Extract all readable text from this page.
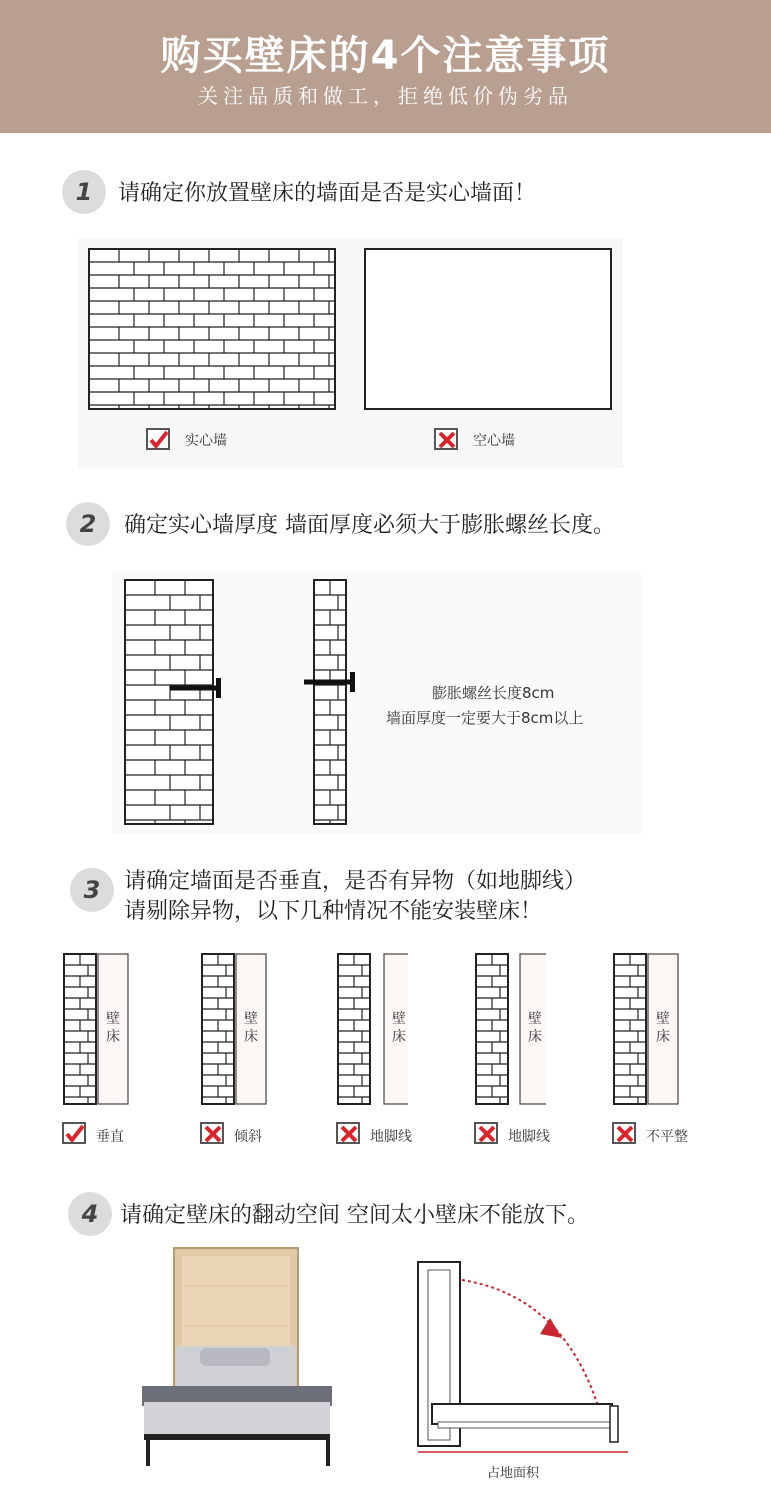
购买壁床的4个注意事项
关注品质和做工，拒绝低价伪劣品
1	请确定你放置壁床的墙面是否是实心墙面！
实心墙	空心墙
2	确定实心墙厚度 墙面厚度必须大于膨胀螺丝长度。
膨胀螺丝长度8cm
墙面厚度一定要大于8cm以上
3	请确定墙面是否垂直，是否有异物（如地脚线）
请剔除异物，以下几种情况不能安装壁床！
壁床
垂直
壁床
倾斜
壁床
地脚线
壁床
地脚线
壁床
不平整
4 请确定壁床的翻动空间 空间太小壁床不能放下。
占地面积
